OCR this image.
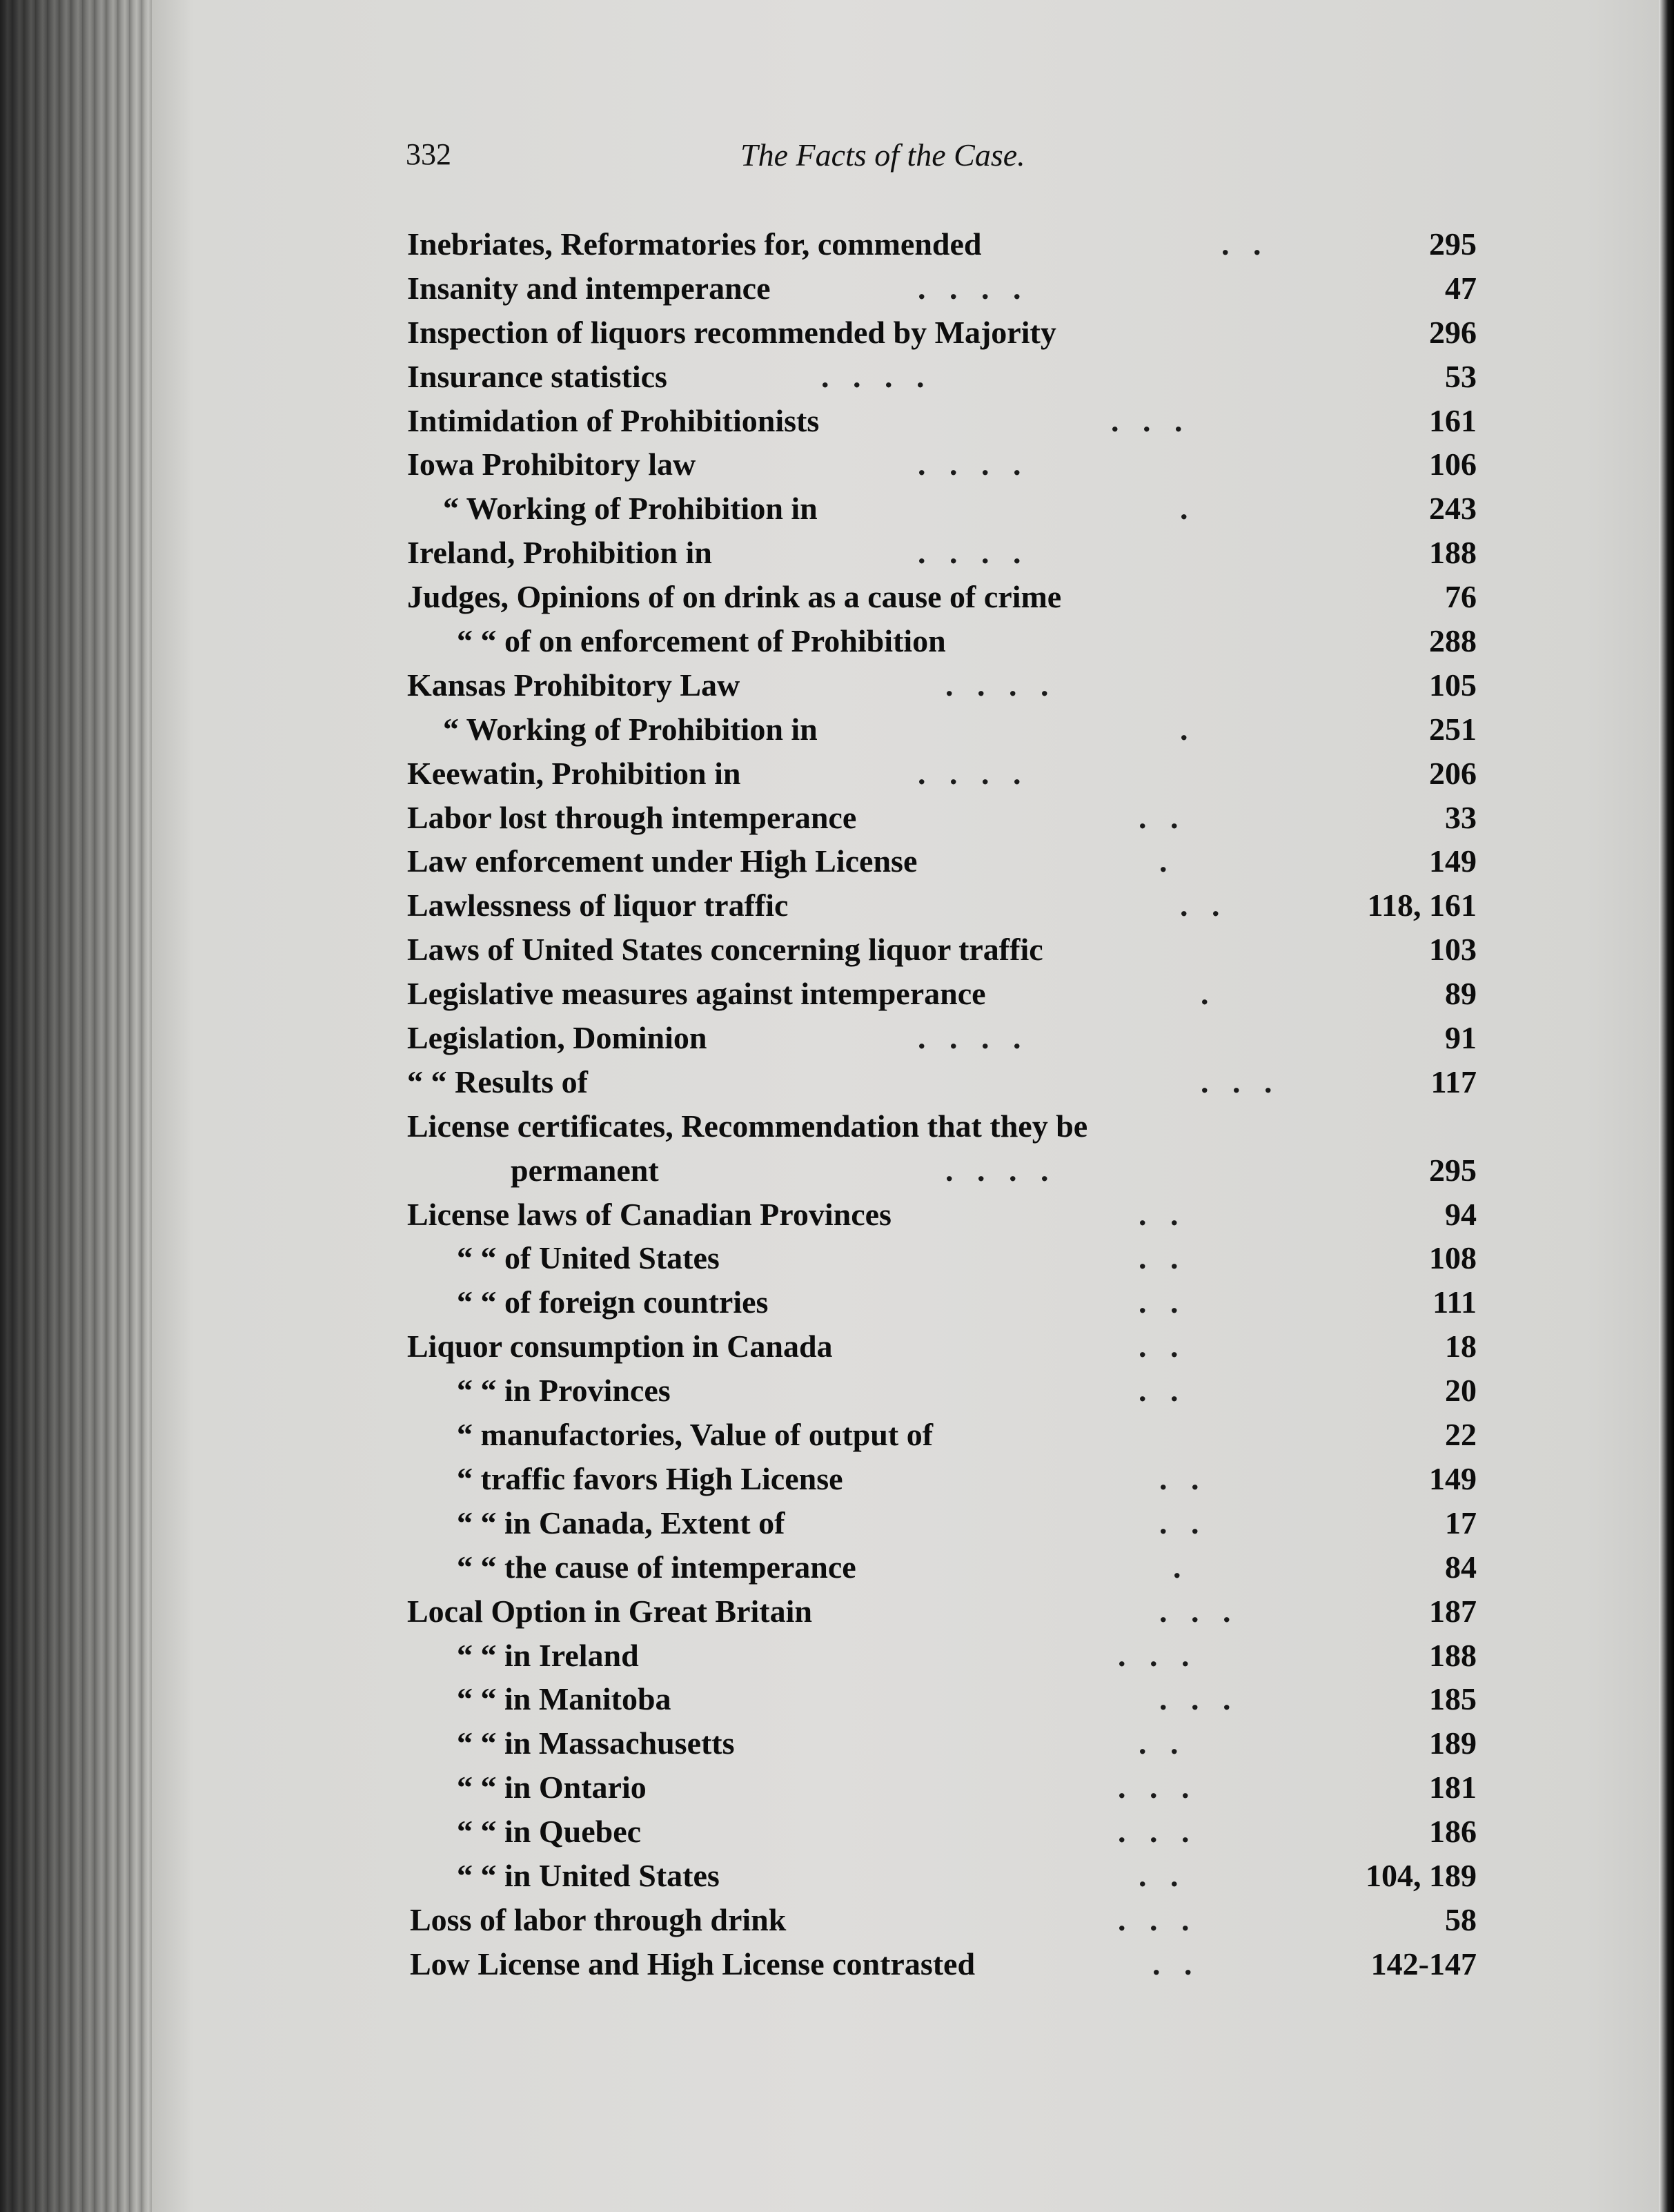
332	The Facts of the Case.
Inebriates, Reformatories for, commended	.   .	295
Insanity and intemperance	.   .   .   .	47
Inspection of liquors recommended by Majority	296
Insurance statistics	.   .   .   .	53
Intimidation of Prohibitionists	.   .   .	161
Iowa Prohibitory law	.   .   .   .	106
“ Working of Prohibition in	.	243
Ireland, Prohibition in	.   .   .   .	188
Judges, Opinions of on drink as a cause of crime	76
“ “ of on enforcement of Prohibition	288
Kansas Prohibitory Law	.   .   .   .	105
“ Working of Prohibition in	.	251
Keewatin, Prohibition in	.   .   .   .	206
Labor lost through intemperance	.   .	33
Law enforcement under High License	.	149
Lawlessness of liquor traffic	.   .	118, 161
Laws of United States concerning liquor traffic	103
Legislative measures against intemperance	.	89
Legislation, Dominion	.   .   .   .	91
“ “ Results of	.   .   .	117
License certificates, Recommendation that they be
permanent	.   .   .   .	295
License laws of Canadian Provinces	.   .	94
“ “ of United States	.   .	108
“ “ of foreign countries	.   .	111
Liquor consumption in Canada	.   .	18
“ “ in Provinces	.   .	20
“ manufactories, Value of output of	22
“ traffic favors High License	.   .	149
“ “ in Canada, Extent of	.   .	17
“ “ the cause of intemperance	.	84
Local Option in Great Britain	.   .   .	187
“ “ in Ireland	.   .   .	188
“ “ in Manitoba	.   .   .	185
“ “ in Massachusetts	.   .	189
“ “ in Ontario	.   .   .	181
“ “ in Quebec	.   .   .	186
“ “ in United States	.   .	104, 189
Loss of labor through drink	.   .   .	58
Low License and High License contrasted	.   .	142-147
